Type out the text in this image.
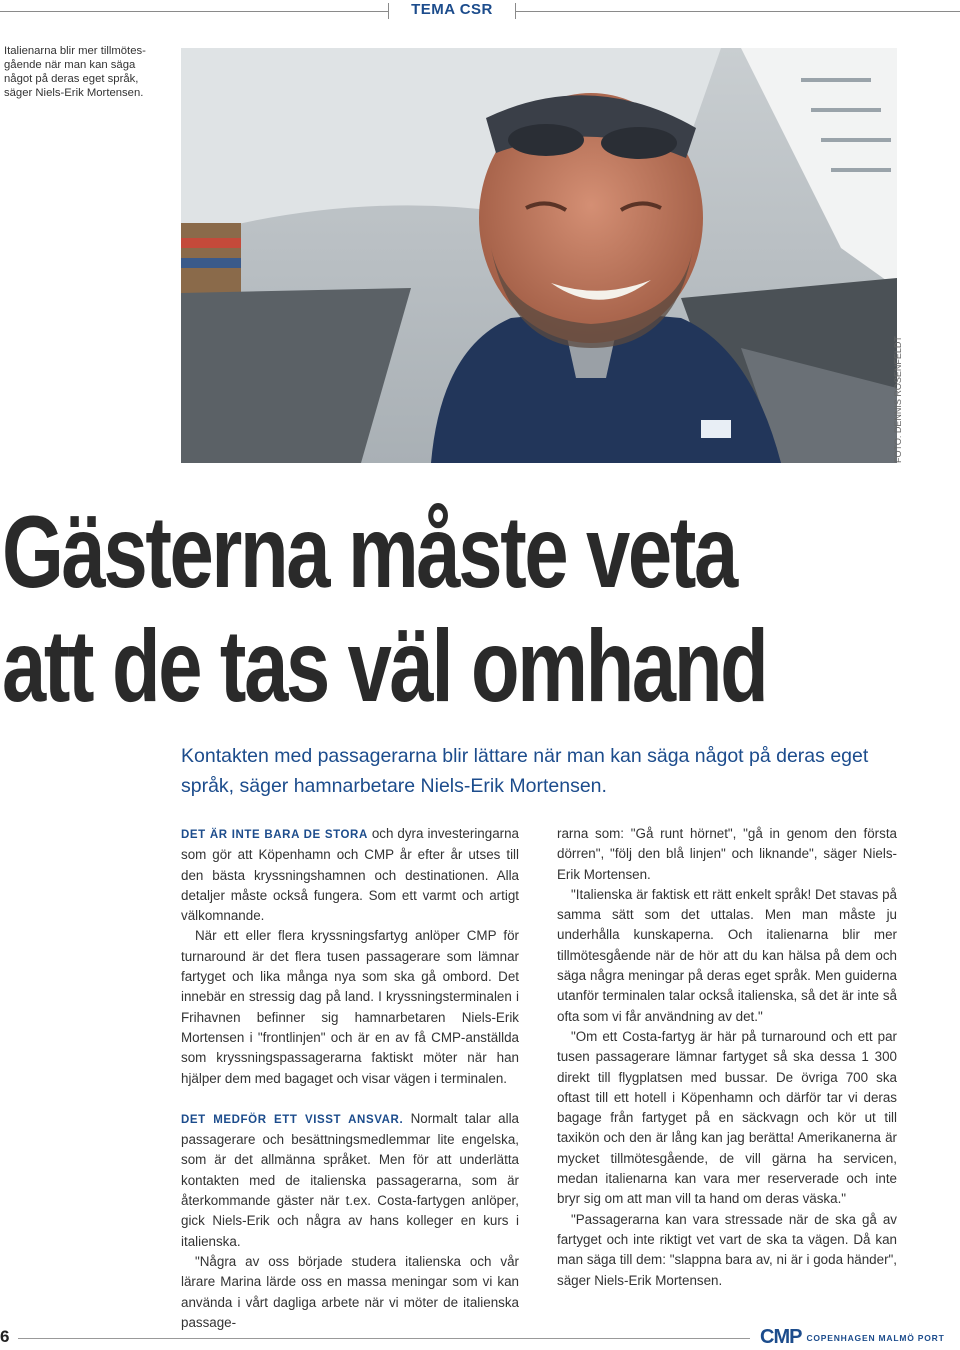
TEMA CSR
Italienarna blir mer tillmötes-gående när man kan säga något på deras eget språk, säger Niels-Erik Mortensen.
FOTO: DENNIS ROSENFELDT
Gästerna måste veta
att de tas väl omhand

Kontakten med passagerarna blir lättare när man kan säga något på deras eget språk, säger hamnarbetare Niels-Erik Mortensen.

DET ÄR INTE BARA DE STORA och dyra investeringarna som gör att Köpenhamn och CMP år efter år utses till den bästa kryssningshamnen och destinationen. Alla detaljer måste också fungera. Som ett varmt och artigt välkomnande.

När ett eller flera kryssningsfartyg anlöper CMP för turnaround är det flera tusen passagerare som lämnar fartyget och lika många nya som ska gå ombord. Det innebär en stressig dag på land. I kryssningsterminalen i Frihavnen befinner sig hamnarbetaren Niels-Erik Mortensen i "frontlinjen" och är en av få CMP-anställda som kryssningspassagerarna faktiskt möter när han hjälper dem med bagaget och visar vägen i terminalen.

DET MEDFÖR ETT VISST ANSVAR. Normalt talar alla passagerare och besättningsmedlemmar lite engelska, som är det allmänna språket. Men för att underlätta kontakten med de italienska passagerarna, som är återkommande gäster när t.ex. Costa-fartygen anlöper, gick Niels-Erik och några av hans kolleger en kurs i italienska.

"Några av oss började studera italienska och vår lärare Marina lärde oss en massa meningar som vi kan använda i vårt dagliga arbete när vi möter de italienska passage-

rarna som: "Gå runt hörnet", "gå in genom den första dörren", "följ den blå linjen" och liknande", säger Niels-Erik Mortensen.

"Italienska är faktisk ett rätt enkelt språk! Det stavas på samma sätt som det uttalas. Men man måste ju underhålla kunskaperna. Och italienarna blir mer tillmötesgående när de hör att du kan hälsa på dem och säga några meningar på deras eget språk. Men guiderna utanför terminalen talar också italienska, så det är inte så ofta som vi får användning av det."

"Om ett Costa-fartyg är här på turnaround och ett par tusen passagerare lämnar fartyget så ska dessa 1 300 direkt till flygplatsen med bussar. De övriga 700 ska oftast till ett hotell i Köpenhamn och därför tar vi deras bagage från fartyget på en säckvagn och kör ut till taxikön och den är lång kan jag berätta! Amerikanerna är mycket tillmötesgående, de vill gärna ha servicen, medan italienarna kan vara mer reserverade och inte bryr sig om att man vill ta hand om deras väska."

"Passagerarna kan vara stressade när de ska gå av fartyget och inte riktigt vet vart de ska ta vägen. Då kan man säga till dem: "slappna bara av, ni är i goda händer", säger Niels-Erik Mortensen.

6	CMP COPENHAGEN MALMÖ PORT
